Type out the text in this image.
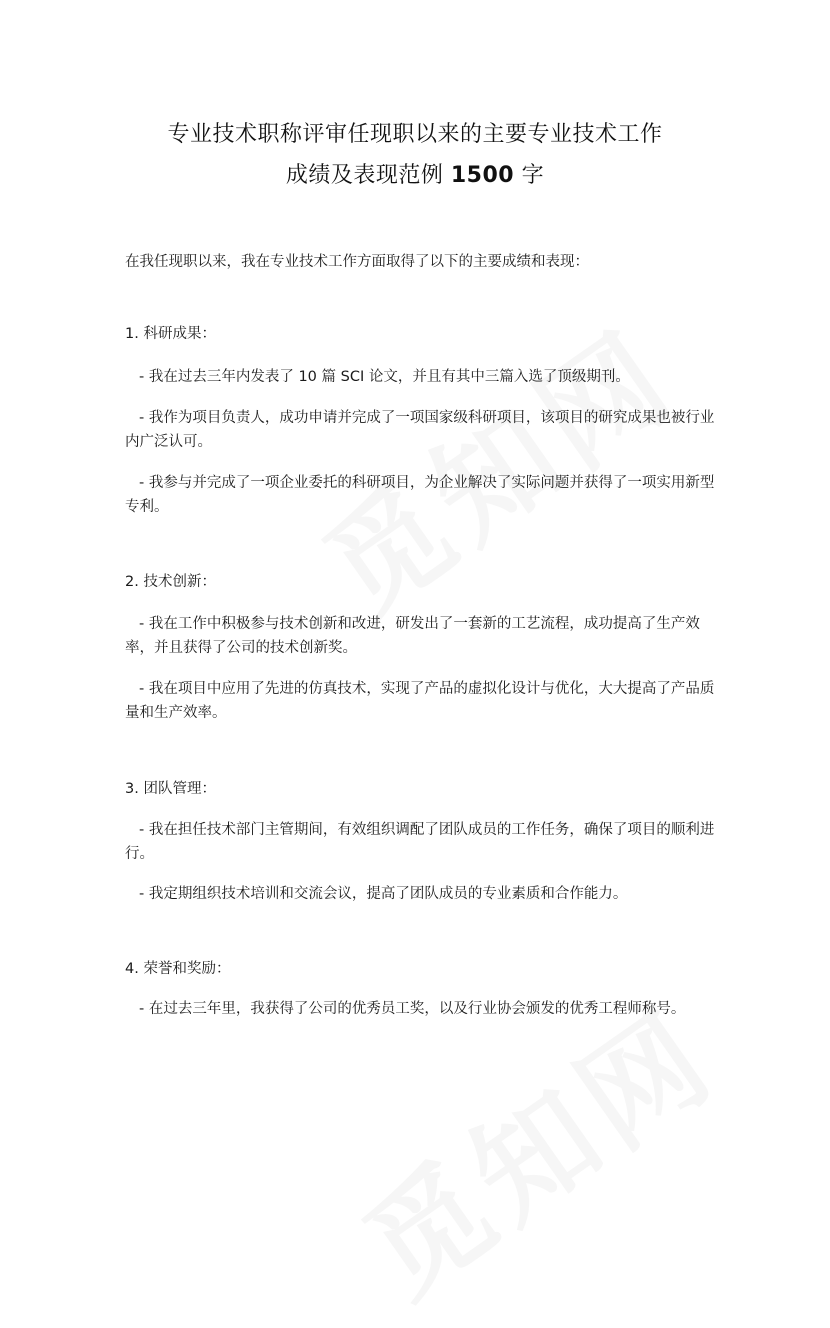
专业技术职称评审任现职以来的主要专业技术工作
成绩及表现范例 1500 字
在我任现职以来，我在专业技术工作方面取得了以下的主要成绩和表现：
1. 科研成果：
- 我在过去三年内发表了 10 篇 SCI 论文，并且有其中三篇入选了顶级期刊。
- 我作为项目负责人，成功申请并完成了一项国家级科研项目，该项目的研究成果也被行业内广泛认可。
- 我参与并完成了一项企业委托的科研项目，为企业解决了实际问题并获得了一项实用新型专利。
2. 技术创新：
- 我在工作中积极参与技术创新和改进，研发出了一套新的工艺流程，成功提高了生产效率，并且获得了公司的技术创新奖。
- 我在项目中应用了先进的仿真技术，实现了产品的虚拟化设计与优化，大大提高了产品质量和生产效率。
3. 团队管理：
- 我在担任技术部门主管期间，有效组织调配了团队成员的工作任务，确保了项目的顺利进行。
- 我定期组织技术培训和交流会议，提高了团队成员的专业素质和合作能力。
4. 荣誉和奖励：
- 在过去三年里，我获得了公司的优秀员工奖，以及行业协会颁发的优秀工程师称号。
